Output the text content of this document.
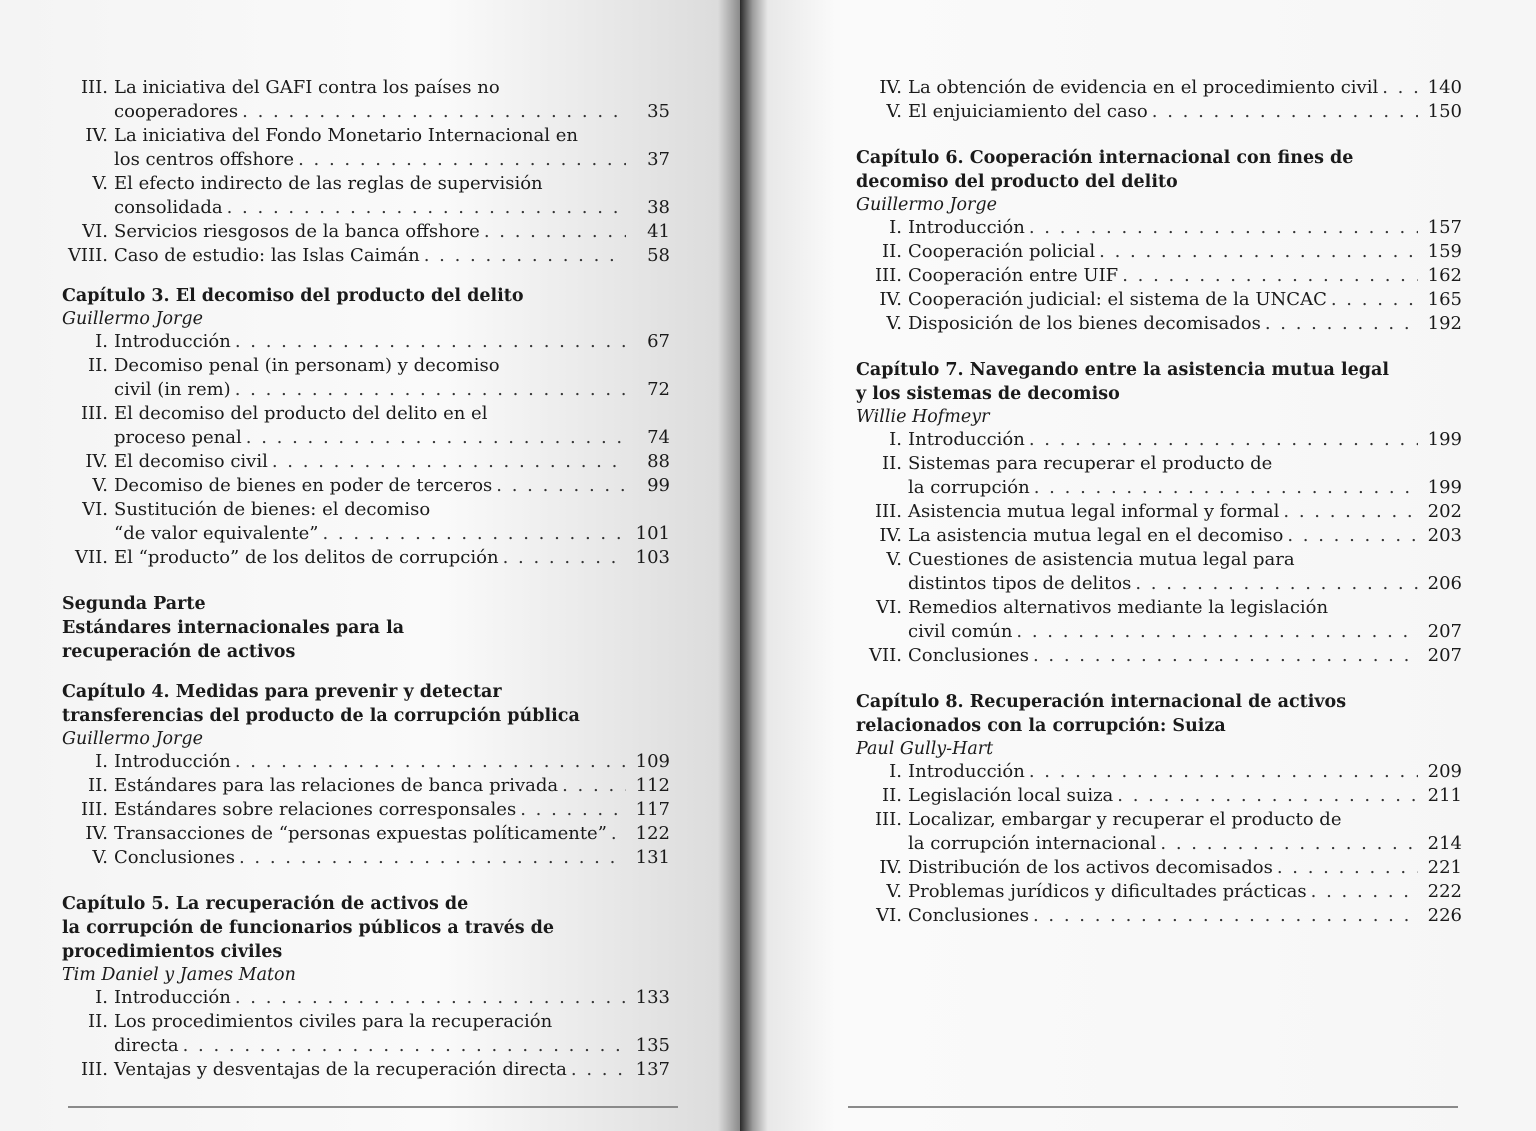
III. La iniciativa del GAFI contra los países no
cooperadores . . .	35
IV. La iniciativa del Fondo Monetario Internacional en
los centros offshore . . .	37
V. El efecto indirecto de las reglas de supervisión
consolidada . . .	38
VI. Servicios riesgosos de la banca offshore . . .	41
VIII. Caso de estudio: las Islas Caimán . . .	58

Capítulo 3. El decomiso del producto del delito

Guillermo Jorge

I. Introducción . . .	67
II. Decomiso penal (in personam) y decomiso
civil (in rem) . . .	72
III. El decomiso del producto del delito en el
proceso penal . . .	74
IV. El decomiso civil . . .	88
V. Decomiso de bienes en poder de terceros . . .	99
VI. Sustitución de bienes: el decomiso
“de valor equivalente” . . .	101
VII. El “producto” de los delitos de corrupción . . .	103

Segunda Parte

Estándares internacionales para la

recuperación de activos

Capítulo 4. Medidas para prevenir y detectar

transferencias del producto de la corrupción pública

Guillermo Jorge

I. Introducción . . .	109
II. Estándares para las relaciones de banca privada . . .	112
III. Estándares sobre relaciones corresponsales . . .	117
IV. Transacciones de “personas expuestas políticamente” . . .	122
V. Conclusiones . . .	131

Capítulo 5. La recuperación de activos de

la corrupción de funcionarios públicos a través de

procedimientos civiles

Tim Daniel y James Maton

I. Introducción . . .	133
II. Los procedimientos civiles para la recuperación
directa . . .	135
III. Ventajas y desventajas de la recuperación directa . . .	137
IV. La obtención de evidencia en el procedimiento civil . . .	140
V. El enjuiciamiento del caso . . .	150

Capítulo 6. Cooperación internacional con fines de

decomiso del producto del delito

Guillermo Jorge

I. Introducción . . .	157
II. Cooperación policial . . .	159
III. Cooperación entre UIF . . .	162
IV. Cooperación judicial: el sistema de la UNCAC . . .	165
V. Disposición de los bienes decomisados . . .	192

Capítulo 7. Navegando entre la asistencia mutua legal

y los sistemas de decomiso

Willie Hofmeyr

I. Introducción . . .	199
II. Sistemas para recuperar el producto de
la corrupción . . .	199
III. Asistencia mutua legal informal y formal . . .	202
IV. La asistencia mutua legal en el decomiso . . .	203
V. Cuestiones de asistencia mutua legal para
distintos tipos de delitos . . .	206
VI. Remedios alternativos mediante la legislación
civil común . . .	207
VII. Conclusiones . . .	207

Capítulo 8. Recuperación internacional de activos

relacionados con la corrupción: Suiza

Paul Gully-Hart

I. Introducción . . .	209
II. Legislación local suiza . . .	211
III. Localizar, embargar y recuperar el producto de
la corrupción internacional . . .	214
IV. Distribución de los activos decomisados . . .	221
V. Problemas jurídicos y dificultades prácticas . . .	222
VI. Conclusiones . . .	226
